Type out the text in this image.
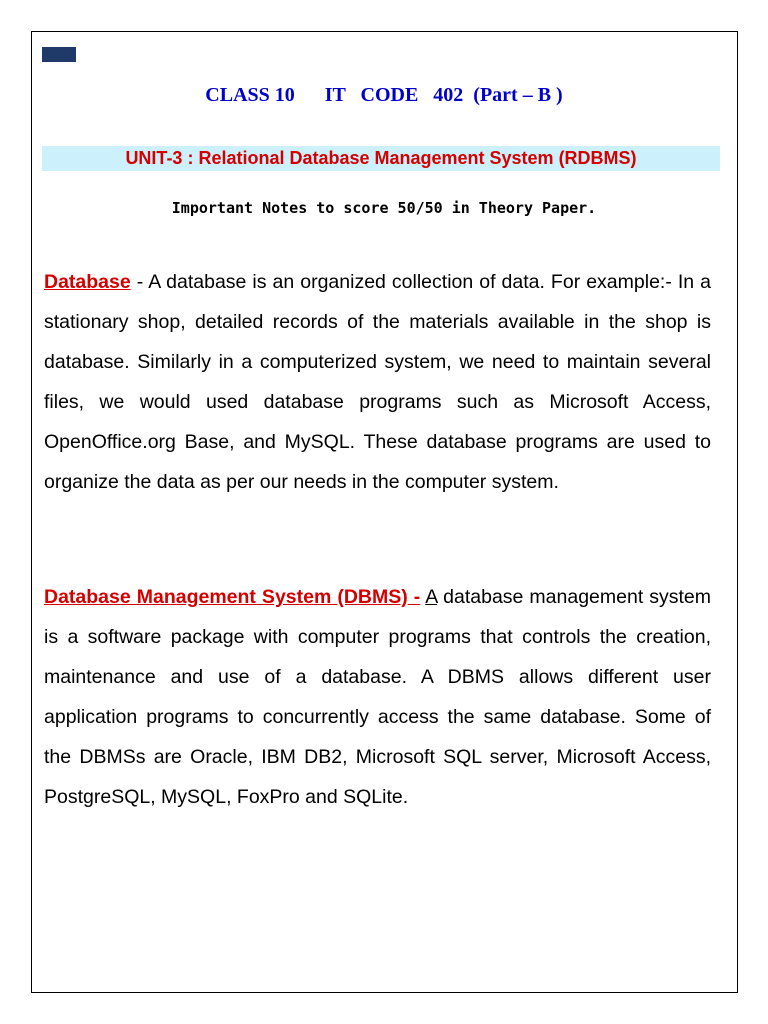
CLASS 10      IT   CODE   402  (Part – B )
UNIT-3 : Relational Database Management System (RDBMS)
Important Notes to score 50/50 in Theory Paper.

Database - A database is an organized collection of data. For example:- In a stationary shop, detailed records of the materials available in the shop is database. Similarly in a computerized system, we need to maintain several files, we would used database programs such as Microsoft Access, OpenOffice.org Base, and MySQL. These database programs are used to organize the data as per our needs in the computer system.

Database Management System (DBMS) - A database management system is a software package with computer programs that controls the creation, maintenance and use of a database. A DBMS allows different user application programs to concurrently access the same database. Some of the DBMSs are Oracle, IBM DB2, Microsoft SQL server, Microsoft Access, PostgreSQL, MySQL, FoxPro and SQLite.
